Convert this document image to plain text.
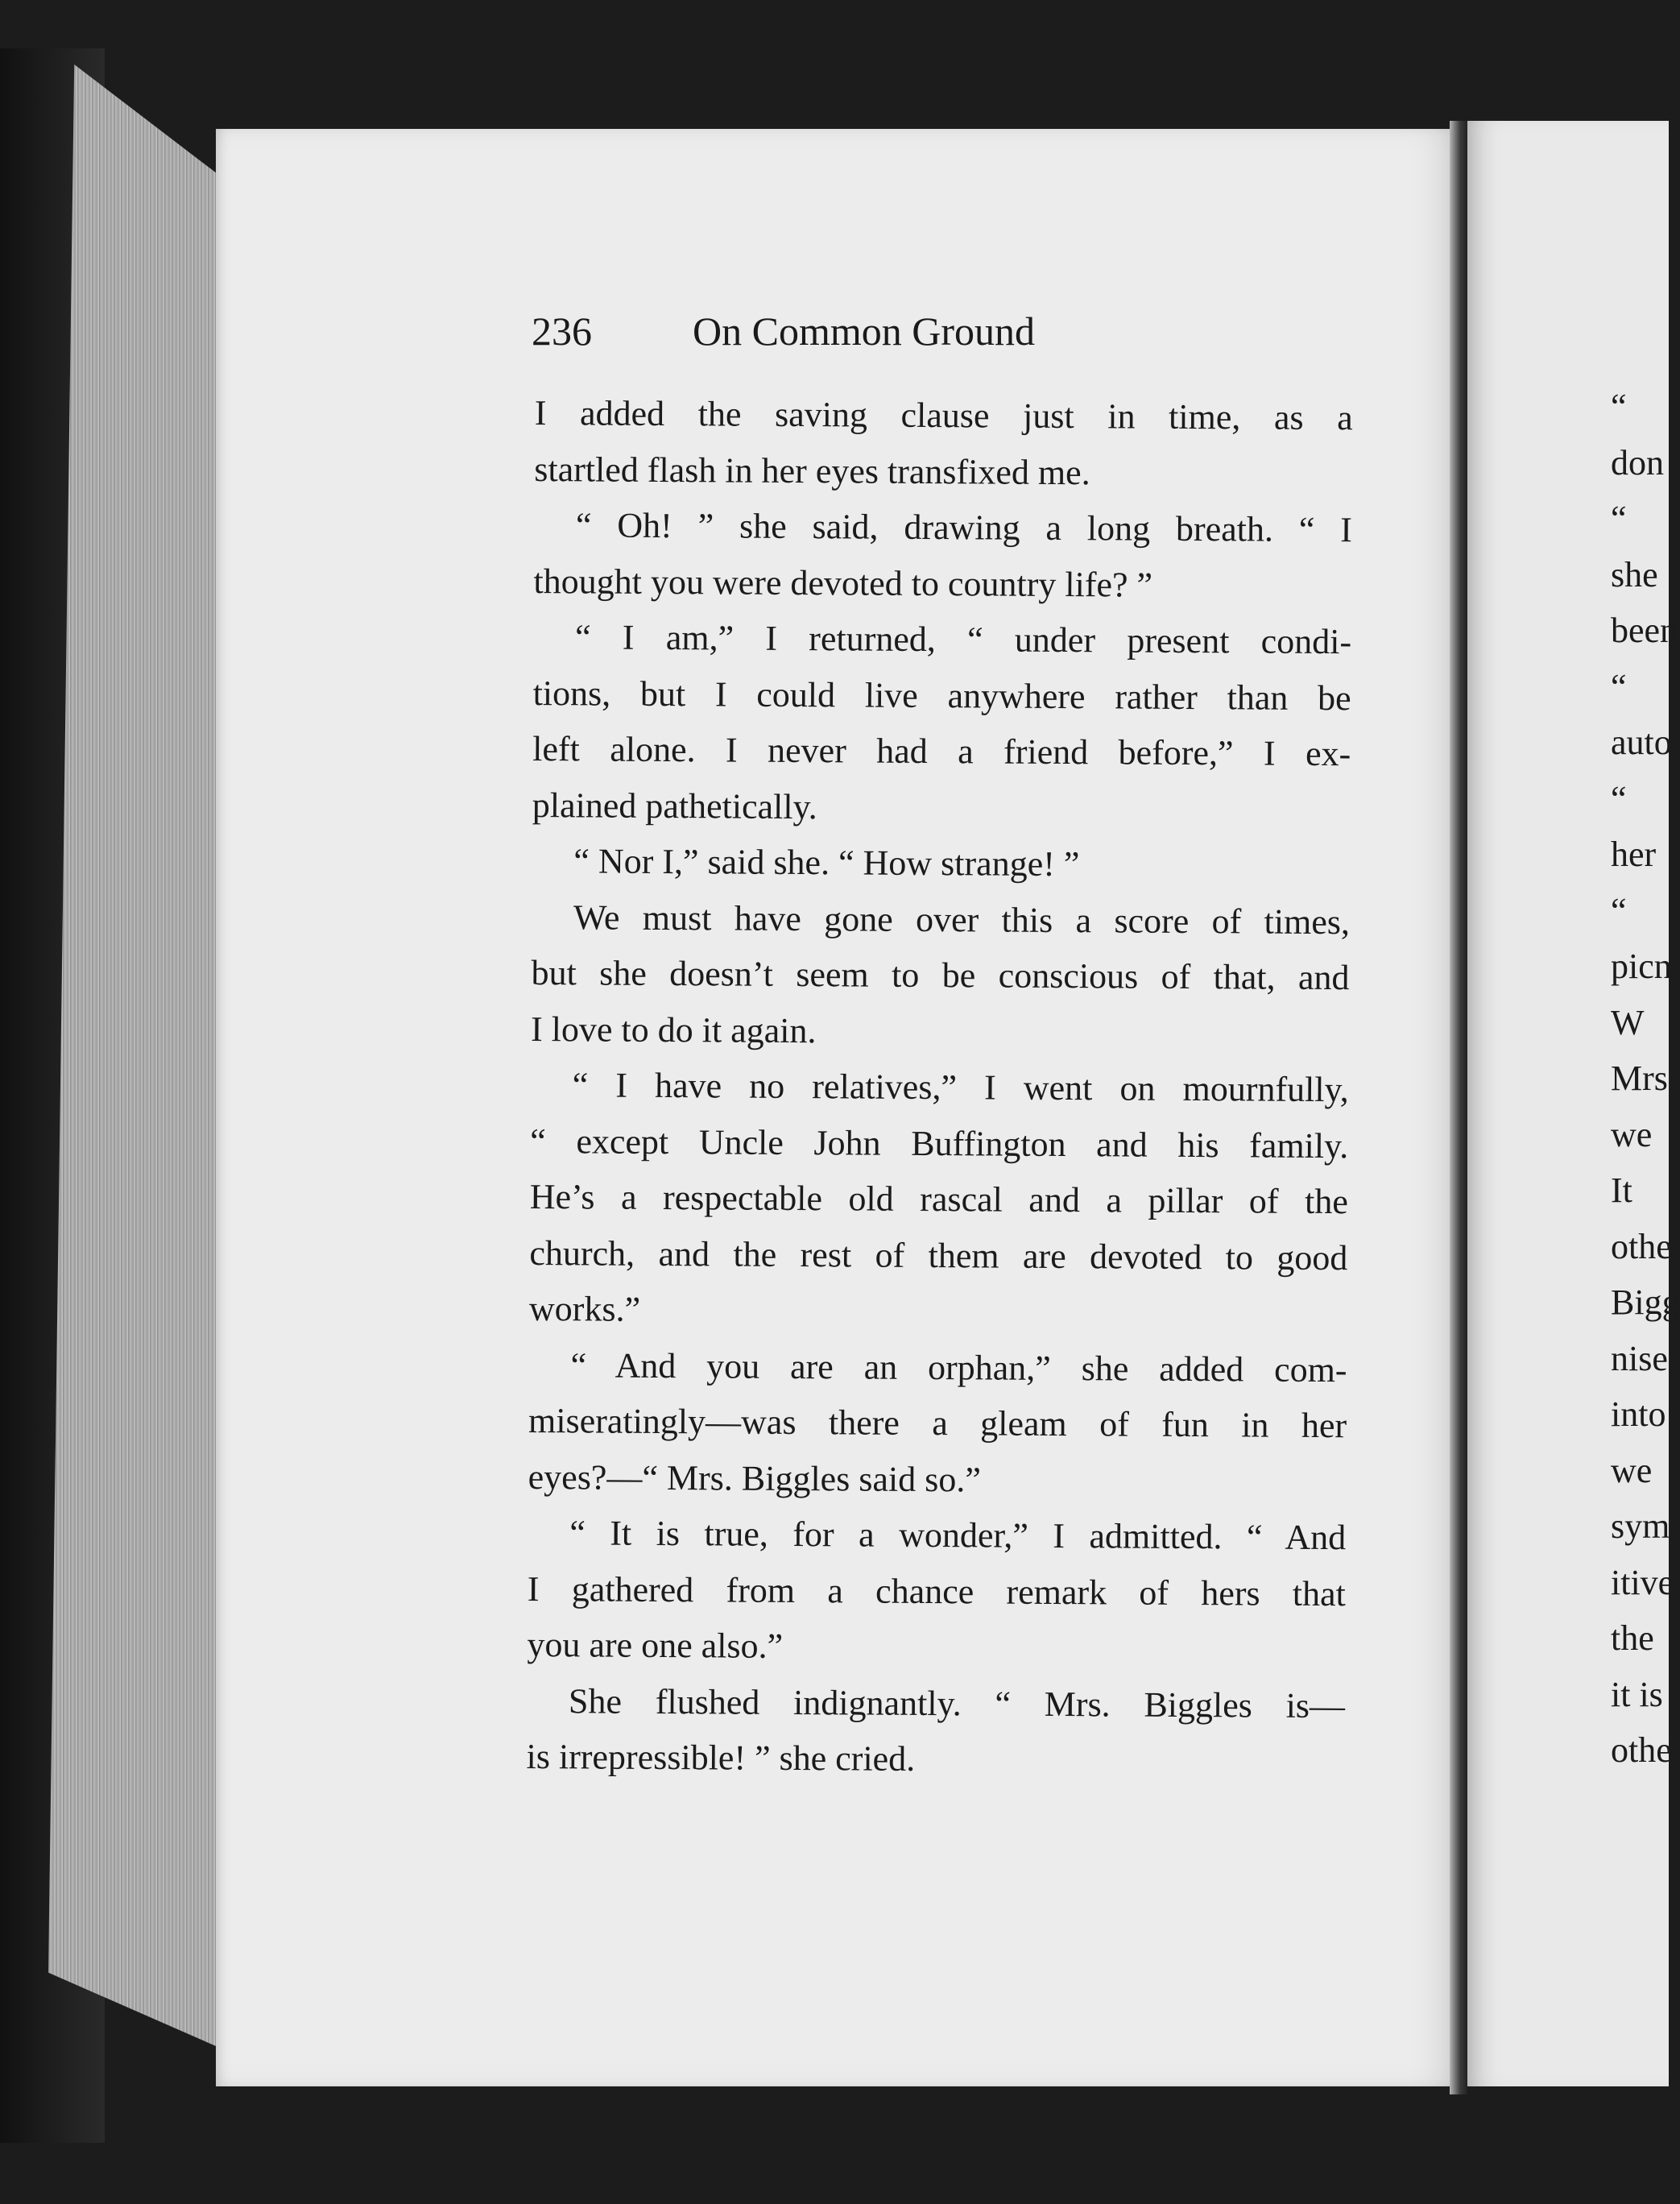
236	On Common Ground
I added the saving clause just in time, as a
startled flash in her eyes transfixed me.
“ Oh! ” she said, drawing a long breath. “ I
thought you were devoted to country life? ”
“ I am,” I returned, “ under present condi-
tions, but I could live anywhere rather than be
left alone. I never had a friend before,” I ex-
plained pathetically.
“ Nor I,” said she. “ How strange! ”
We must have gone over this a score of times,
but she doesn’t seem to be conscious of that, and
I love to do it again.
“ I have no relatives,” I went on mournfully,
“ except Uncle John Buffington and his family.
He’s a respectable old rascal and a pillar of the
church, and the rest of them are devoted to good
works.”
“ And you are an orphan,” she added com-
miseratingly—was there a gleam of fun in her
eyes?—“ Mrs. Biggles said so.”
“ It is true, for a wonder,” I admitted. “ And
I gathered from a chance remark of hers that
you are one also.”
She flushed indignantly. “ Mrs. Biggles is—
is irrepressible! ” she cried.
“
don
“
she
been
“
auto
“
her
“
picn
W
Mrs
we
It
othe
Bigg
nise
into
we
sym
itive
the
it is
othe
